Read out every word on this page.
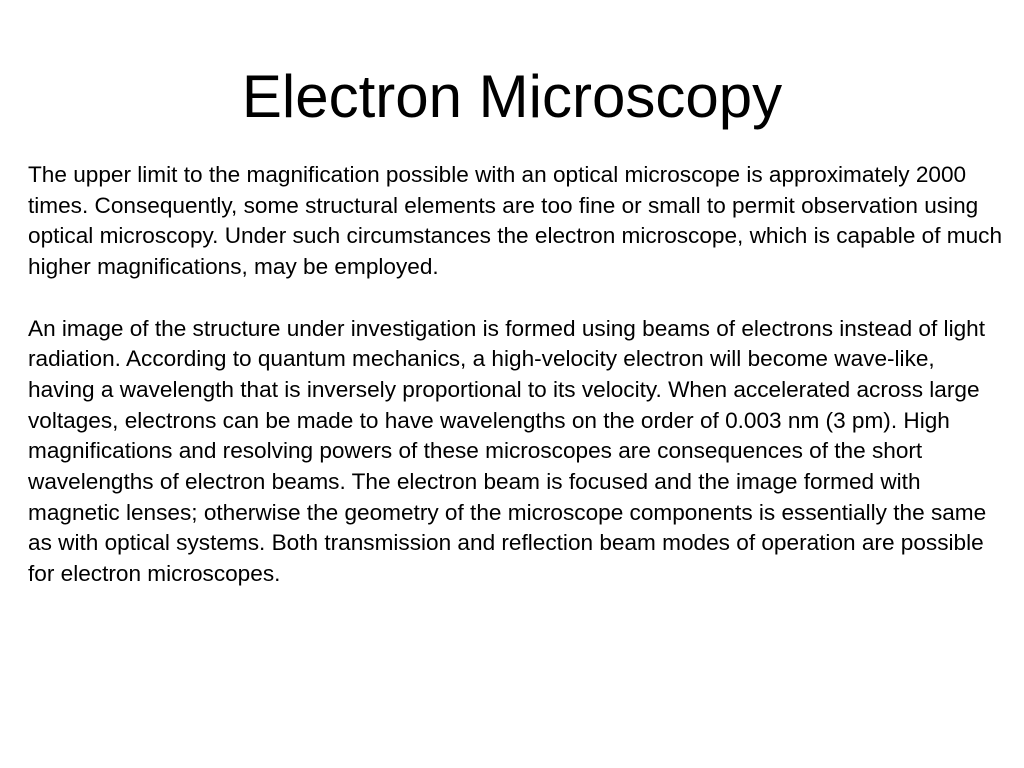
Electron Microscopy

The upper limit to the magnification possible with an optical microscope is approximately 2000 times. Consequently, some structural elements are too fine or small to permit observation using optical microscopy. Under such circumstances the electron microscope, which is capable of much higher magnifications, may be employed.

An image of the structure under investigation is formed using beams of electrons instead of light radiation. According to quantum mechanics, a high-velocity electron will become wave-like, having a wavelength that is inversely proportional to its velocity. When accelerated across large voltages, electrons can be made to have wavelengths on the order of 0.003 nm (3 pm). High magnifications and resolving powers of these microscopes are consequences of the short wavelengths of electron beams. The electron beam is focused and the image formed with magnetic lenses; otherwise the geometry of the microscope components is essentially the same as with optical systems. Both transmission and reflection beam modes of operation are possible for electron microscopes.
